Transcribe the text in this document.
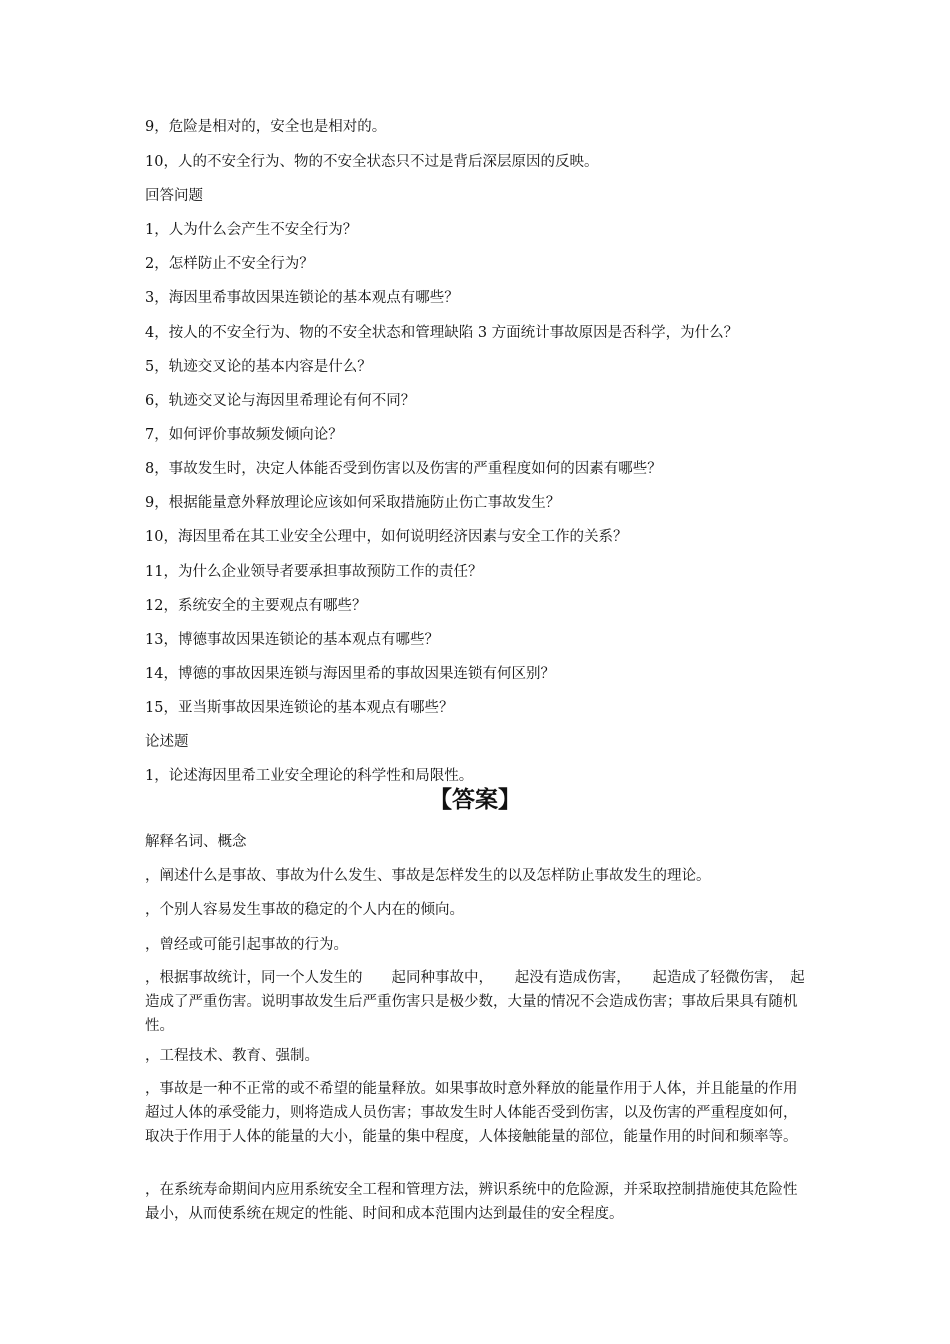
9，危险是相对的，安全也是相对的。
10，人的不安全行为、物的不安全状态只不过是背后深层原因的反映。
回答问题
1，人为什么会产生不安全行为？
2，怎样防止不安全行为？
3，海因里希事故因果连锁论的基本观点有哪些？
4，按人的不安全行为、物的不安全状态和管理缺陷 3 方面统计事故原因是否科学，为什么？
5，轨迹交叉论的基本内容是什么？
6，轨迹交叉论与海因里希理论有何不同？
7，如何评价事故频发倾向论？
8，事故发生时，决定人体能否受到伤害以及伤害的严重程度如何的因素有哪些？
9，根据能量意外释放理论应该如何采取措施防止伤亡事故发生？
10，海因里希在其工业安全公理中，如何说明经济因素与安全工作的关系？
11，为什么企业领导者要承担事故预防工作的责任？
12，系统安全的主要观点有哪些？
13，博德事故因果连锁论的基本观点有哪些？
14，博德的事故因果连锁与海因里希的事故因果连锁有何区别？
15，亚当斯事故因果连锁论的基本观点有哪些？
论述题
1，论述海因里希工业安全理论的科学性和局限性。
【答案】
解释名词、概念
，阐述什么是事故、事故为什么发生、事故是怎样发生的以及怎样防止事故发生的理论。
，个别人容易发生事故的稳定的个人内在的倾向。
，曾经或可能引起事故的行为。
，根据事故统计，同一个人发生的　　起同种事故中，　　起没有造成伤害，　　起造成了轻微伤害，　起造成了严重伤害。说明事故发生后严重伤害只是极少数，大量的情况不会造成伤害；事故后果具有随机性。
，工程技术、教育、强制。
，事故是一种不正常的或不希望的能量释放。如果事故时意外释放的能量作用于人体，并且能量的作用超过人体的承受能力，则将造成人员伤害；事故发生时人体能否受到伤害，以及伤害的严重程度如何，取决于作用于人体的能量的大小，能量的集中程度，人体接触能量的部位，能量作用的时间和频率等。
，在系统寿命期间内应用系统安全工程和管理方法，辨识系统中的危险源，并采取控制措施使其危险性最小，从而使系统在规定的性能、时间和成本范围内达到最佳的安全程度。
